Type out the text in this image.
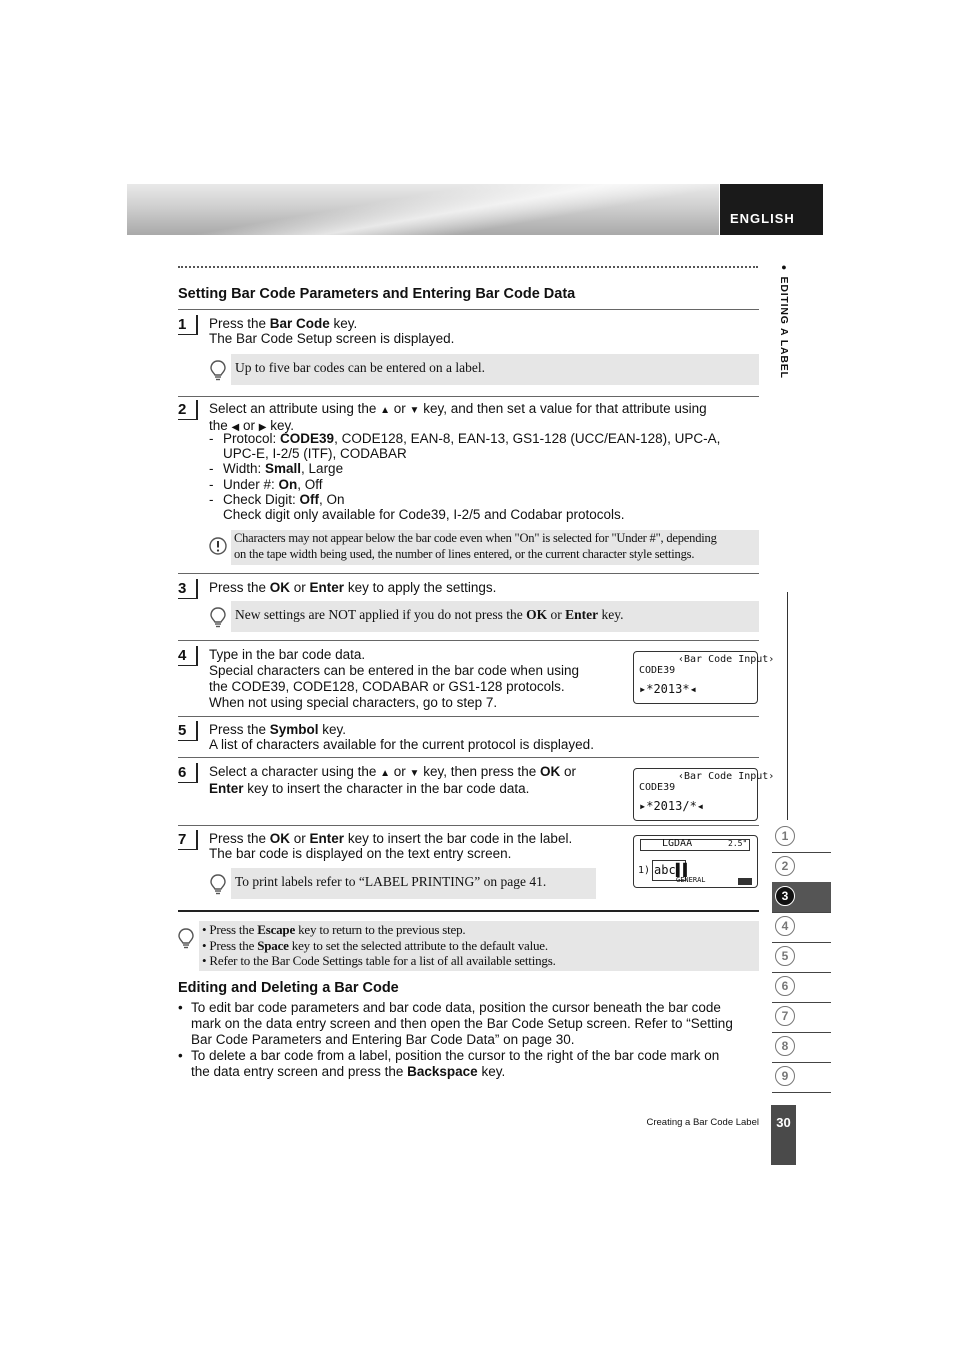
ENGLISH
● EDITING A LABEL
Setting Bar Code Parameters and Entering Bar Code Data
1	Press the Bar Code key.
The Bar Code Setup screen is displayed.
Up to five bar codes can be entered on a label.
2	Select an attribute using the ▲ or ▼ key, and then set a value for that attribute using
the ◀ or ▶ key.
- Protocol: CODE39, CODE128, EAN-8, EAN-13, GS1-128 (UCC/EAN-128), UPC-A,
UPC-E, I-2/5 (ITF), CODABAR
- Width: Small, Large
- Under #: On, Off
- Check Digit: Off, On
Check digit only available for Code39, I-2/5 and Codabar protocols.
Characters may not appear below the bar code even when "On" is selected for "Under #", depending
on the tape width being used, the number of lines entered, or the current character style settings.
3	Press the OK or Enter key to apply the settings.
New settings are NOT applied if you do not press the OK or Enter key.
4	Type in the bar code data.
Special characters can be entered in the bar code when using
the CODE39, CODE128, CODABAR or GS1-128 protocols.
When not using special characters, go to step 7.
‹Bar Code Input›
CODE39
▸*2013*◂
5	Press the Symbol key.
A list of characters available for the current protocol is displayed.
6	Select a character using the ▲ or ▼ key, then press the OK or
Enter key to insert the character in the bar code data.
‹Bar Code Input›
CODE39
▸*2013/*◂
7	Press the OK or Enter key to insert the bar code in the label.
The bar code is displayed on the text entry screen.
To print labels refer to “LABEL PRINTING” on page 41.
LGDАA	2.5"
1) abc ▌▌
GENERAL
• Press the Escape key to return to the previous step.
• Press the Space key to set the selected attribute to the default value.
• Refer to the Bar Code Settings table for a list of all available settings.
Editing and Deleting a Bar Code
• To edit bar code parameters and bar code data, position the cursor beneath the bar code
mark on the data entry screen and then open the Bar Code Setup screen. Refer to “Setting
Bar Code Parameters and Entering Bar Code Data” on page 30.
• To delete a bar code from a label, position the cursor to the right of the bar code mark on
the data entry screen and press the Backspace key.
1
2
3
4
5
6
7
8
9
Creating a Bar Code Label	30
